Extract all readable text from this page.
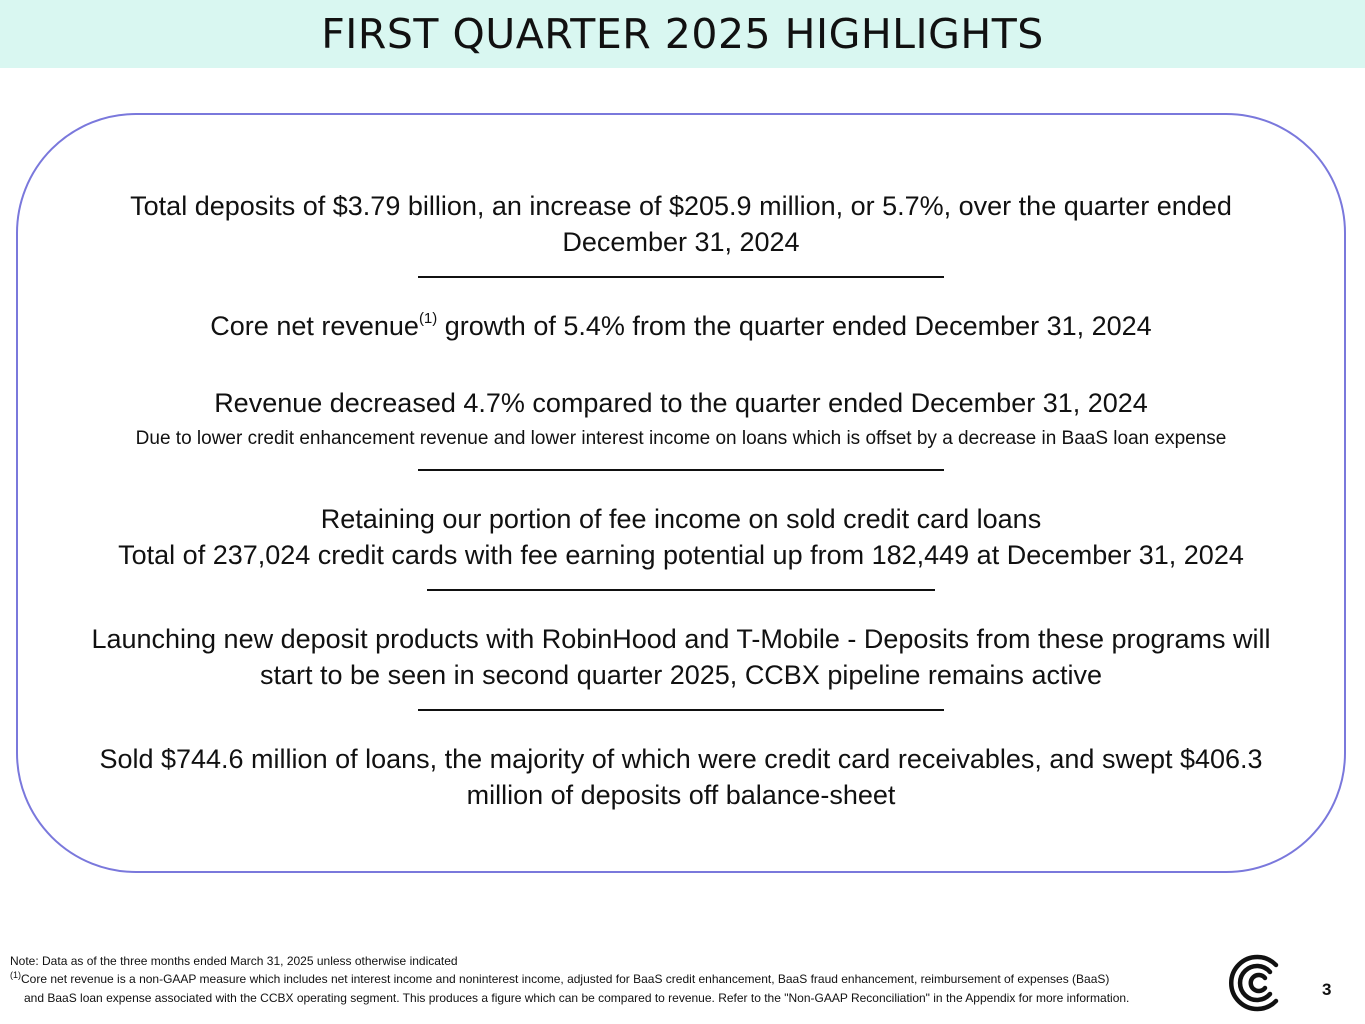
FIRST QUARTER 2025 HIGHLIGHTS
Total deposits of $3.79 billion, an increase of $205.9 million, or 5.7%, over the quarter ended
December 31, 2024
Core net revenue$^{(1)}$ growth of 5.4% from the quarter ended December 31, 2024
Revenue decreased 4.7% compared to the quarter ended December 31, 2024
Due to lower credit enhancement revenue and lower interest income on loans which is offset by a decrease in BaaS loan expense
Retaining our portion of fee income on sold credit card loans
Total of 237,024 credit cards with fee earning potential up from 182,449 at December 31, 2024
Launching new deposit products with RobinHood and T-Mobile - Deposits from these programs will
start to be seen in second quarter 2025, CCBX pipeline remains active
Sold $744.6 million of loans, the majority of which were credit card receivables, and swept $406.3
million of deposits off balance-sheet
Note: Data as of the three months ended March 31, 2025 unless otherwise indicated
$^{(1)}$Core net revenue is a non-GAAP measure which includes net interest income and noninterest income, adjusted for BaaS credit enhancement, BaaS fraud enhancement, reimbursement of expenses (BaaS)
and BaaS loan expense associated with the CCBX operating segment. This produces a figure which can be compared to revenue. Refer to the "Non-GAAP Reconciliation" in the Appendix for more information.	3
